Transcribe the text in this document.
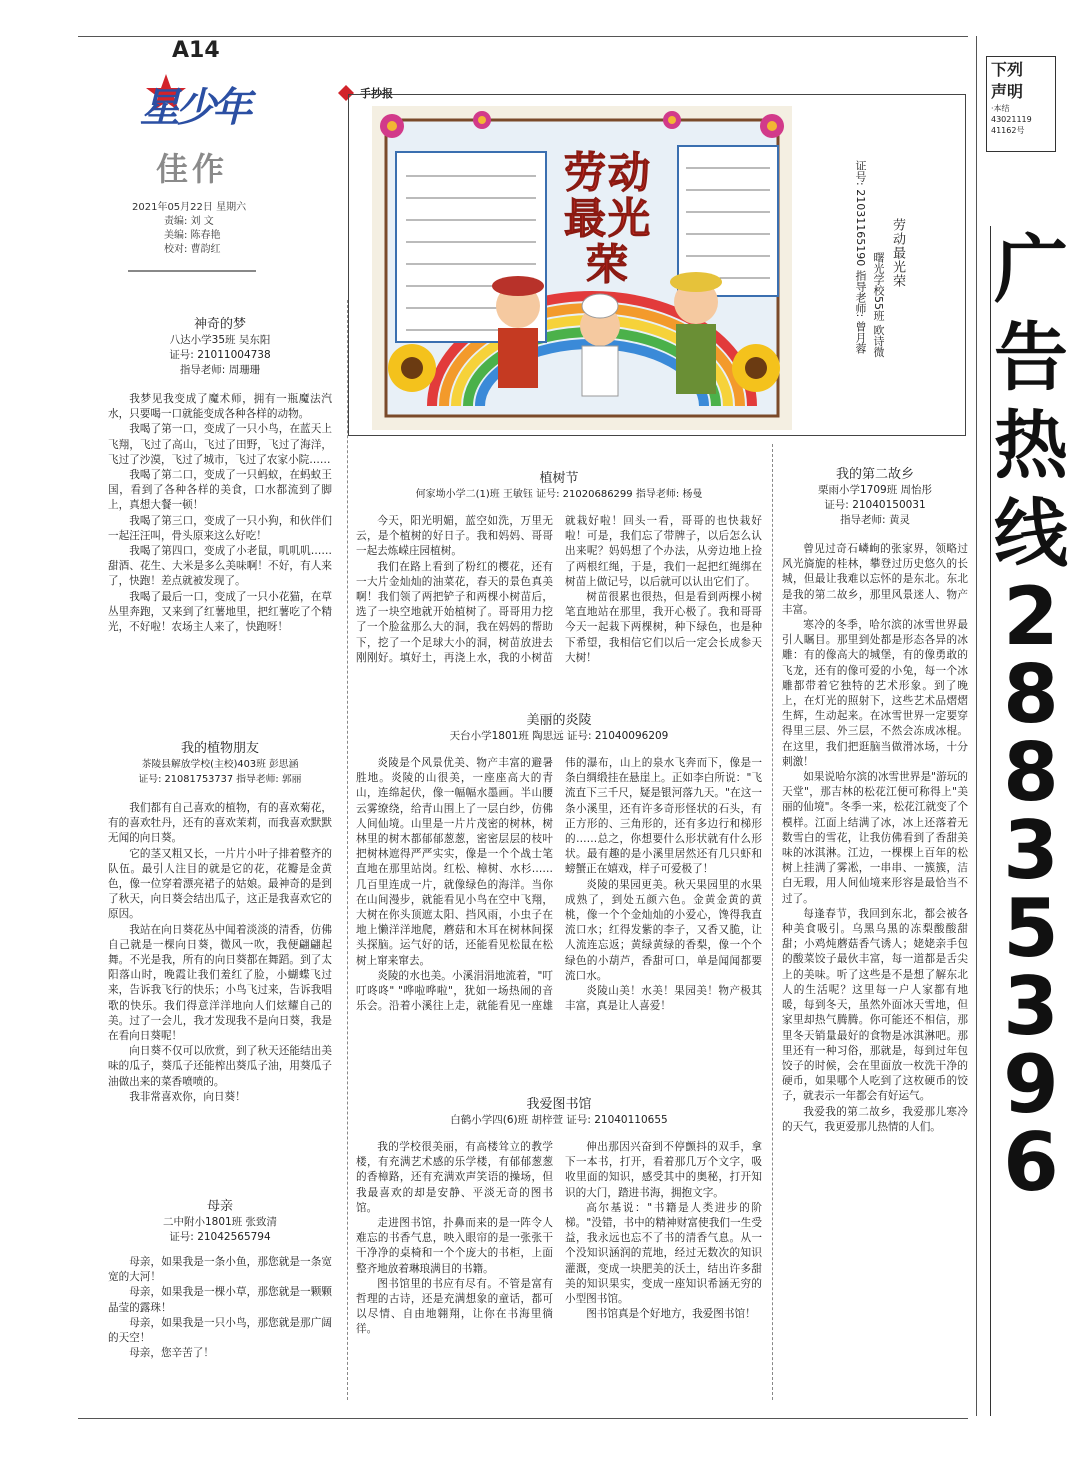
A14
星少年
佳作
2021年05月22日 星期六
责编: 刘 文
美编: 陈春艳
校对: 曹韵红
手抄报
劳动最光荣	劳动最光荣
曙光学校55班 欧诗微
证号: 21031165190 指导老师: 曾月蓉
神奇的梦
八达小学35班 吴东阳
证号: 21011004738
指导老师: 周珊珊

我梦见我变成了魔术师，拥有一瓶魔法汽水，只要喝一口就能变成各种各样的动物。

我喝了第一口，变成了一只小鸟，在蓝天上飞翔，飞过了高山，飞过了田野，飞过了海洋，飞过了沙漠，飞过了城市，飞过了农家小院……

我喝了第二口，变成了一只蚂蚁，在蚂蚁王国，看到了各种各样的美食，口水都流到了脚上，真想大餐一顿！

我喝了第三口，变成了一只小狗，和伙伴们一起汪汪叫，骨头原来这么好吃！

我喝了第四口，变成了小老鼠，叽叽叽……甜酒、花生、大米是多么美味啊！不好，有人来了，快跑！差点就被发现了。

我喝了最后一口，变成了一只小花猫，在草丛里奔跑，又来到了红薯地里，把红薯吃了个精光，不好啦！农场主人来了，快跑呀！

我的植物朋友
茶陵县解放学校(主校)403班 彭思涵
证号: 21081753737 指导老师: 郭丽

我们都有自己喜欢的植物，有的喜欢菊花，有的喜欢牡丹，还有的喜欢茉莉，而我喜欢默默无闻的向日葵。

它的茎又粗又长，一片片小叶子排着整齐的队伍。最引人注目的就是它的花，花瓣是金黄色，像一位穿着漂亮裙子的姑娘。最神奇的是到了秋天，向日葵会结出瓜子，这正是我喜欢它的原因。

我站在向日葵花丛中闻着淡淡的清香，仿佛自己就是一棵向日葵，微风一吹，我便翩翩起舞。不光是我，所有的向日葵都在舞蹈。到了太阳落山时，晚霞让我们羞红了脸，小蝴蝶飞过来，告诉我飞行的快乐；小鸟飞过来，告诉我唱歌的快乐。我们得意洋洋地向人们炫耀自己的美。过了一会儿，我才发现我不是向日葵，我是在看向日葵呢！

向日葵不仅可以欣赏，到了秋天还能结出美味的瓜子，葵瓜子还能榨出葵瓜子油，用葵瓜子油做出来的菜香喷喷的。

我非常喜欢你，向日葵！

母亲
二中附小1801班 张致清
证号: 21042565794

母亲，如果我是一条小鱼，那您就是一条宽宽的大河！

母亲，如果我是一棵小草，那您就是一颗颗晶莹的露珠！

母亲，如果我是一只小鸟，那您就是那广阔的天空！

母亲，您辛苦了！

植树节
何家坳小学二(1)班 王敏钰 证号: 21020686299 指导老师: 杨曼

今天，阳光明媚，蓝空如洗，万里无云，是个植树的好日子。我和妈妈、哥哥一起去炼嵘庄园植树。

我们在路上看到了粉红的樱花，还有一大片金灿灿的油菜花，春天的景色真美啊！我们领了两把铲子和两棵小树苗后，选了一块空地就开始植树了。哥哥用力挖了一个脸盆那么大的洞，我在妈妈的帮助下，挖了一个足球大小的洞，树苗放进去刚刚好。填好土，再浇上水，我的小树苗就栽好啦！回头一看，哥哥的也快栽好啦！可是，我们忘了带牌子，以后怎么认出来呢？妈妈想了个办法，从旁边地上捡了两根红绳，于是，我们一起把红绳绑在树苗上做记号，以后就可以认出它们了。

树苗很累也很热，但是看到两棵小树笔直地站在那里，我开心极了。我和哥哥今天一起栽下两棵树，种下绿色，也是种下希望，我相信它们以后一定会长成参天大树！

美丽的炎陵
天台小学1801班 陶思远 证号: 21040096209

炎陵是个风景优美、物产丰富的避暑胜地。炎陵的山很美，一座座高大的青山，连绵起伏，像一幅幅水墨画。半山腰云雾缭绕，给青山围上了一层白纱，仿佛人间仙境。山里是一片片茂密的树林，树林里的树木都郁郁葱葱，密密层层的枝叶把树林遮得严严实实，像是一个个战士笔直地在那里站岗。红松、樟树、水杉……几百里连成一片，就像绿色的海洋。当你在山间漫步，就能看见小鸟在空中飞翔，大树在你头顶遮太阳、挡风雨，小虫子在地上懒洋洋地爬，蘑菇和木耳在树林间探头探脑。运气好的话，还能看见松鼠在松树上窜来窜去。

炎陵的水也美。小溪涓涓地流着，"叮叮咚咚" "哗啦哗啦"，犹如一场热闹的音乐会。沿着小溪往上走，就能看见一座雄伟的瀑布，山上的泉水飞奔而下，像是一条白绸缎挂在悬崖上。正如李白所说："飞流直下三千尺，疑是银河落九天。"在这一条小溪里，还有许多奇形怪状的石头，有正方形的、三角形的，还有多边行和梯形的……总之，你想要什么形状就有什么形状。最有趣的是小溪里居然还有几只虾和螃蟹正在嬉戏，样子可爱极了！

炎陵的果园更美。秋天果园里的水果成熟了，到处五颜六色。金黄金黄的黄桃，像一个个金灿灿的小爱心，馋得我直流口水；红得发紫的李子，又香又脆，让人流连忘返；黄绿黄绿的香梨，像一个个绿色的小葫芦，香甜可口，单是闻闻都要流口水。

炎陵山美！水美！果园美！物产极其丰富，真是让人喜爱！

我爱图书馆
白鹤小学四(6)班 胡梓萱 证号: 21040110655

我的学校很美丽，有高楼耸立的教学楼，有充满艺术感的乐学楼，有郁郁葱葱的香樟路，还有充满欢声笑语的操场，但我最喜欢的却是安静、平淡无奇的图书馆。

走进图书馆，扑鼻而来的是一阵令人难忘的书香气息，映入眼帘的是一张张干干净净的桌椅和一个个庞大的书柜，上面整齐地放着琳琅满目的书籍。

图书馆里的书应有尽有。不管是富有哲理的古诗，还是充满想象的童话，都可以尽情、自由地翱翔，让你在书海里徜徉。

伸出那因兴奋到不停颤抖的双手，拿下一本书，打开，看着那几万个文字，吸收里面的知识，感受其中的奥秘，打开知识的大门，踏进书海，拥抱文字。

高尔基说："书籍是人类进步的阶梯。"没错，书中的精神财富使我们一生受益，我永远也忘不了书的清香气息。从一个没知识涵润的荒地，经过无数次的知识灌溉，变成一块肥美的沃土，结出许多甜美的知识果实，变成一座知识希涵无穷的小型图书馆。

图书馆真是个好地方，我爱图书馆！

我的第二故乡
栗雨小学1709班 周怡彤
证号: 21040150031
指导老师: 黄灵

曾见过奇石嶙峋的张家界，领略过风光旖旎的桂林，攀登过历史悠久的长城，但最让我难以忘怀的是东北。东北是我的第二故乡，那里风景迷人、物产丰富。

寒冷的冬季，哈尔滨的冰雪世界最引人瞩目。那里到处都是形态各异的冰雕：有的像高大的城堡，有的像勇敢的飞龙，还有的像可爱的小兔，每一个冰雕都带着它独特的艺术形象。到了晚上，在灯光的照射下，这些艺术品熠熠生辉，生动起来。在冰雪世界一定要穿得里三层、外三层，不然会冻成冰棍。在这里，我们把逛脑当做滑冰场，十分刺激！

如果说哈尔滨的冰雪世界是"游玩的天堂"，那吉林的松花江便可称得上"美丽的仙境"。冬季一来，松花江就变了个模样。江面上结满了冰，冰上还落着无数雪白的雪花，让我仿佛看到了香甜美味的冰淇淋。江边，一棵棵上百年的松树上挂满了雾凇，一串串、一簇簇，洁白无瑕，用人间仙境来形容是最恰当不过了。

每逢春节，我回到东北，都会被各种美食吸引。乌黑乌黑的冻梨酸酸甜甜；小鸡炖蘑菇香气诱人；姥姥亲手包的酸菜饺子最伙丰富，每一道都是舌尖上的美味。听了这些是不是想了解东北人的生活呢？这里每一户人家都有地暖，每到冬天，虽然外面冰天雪地，但家里却热气腾腾。你可能还不相信，那里冬天销量最好的食物是冰淇淋吧。那里还有一种习俗，那就是，每到过年包饺子的时候，会在里面放一枚洗干净的硬币，如果哪个人吃到了这枚硬币的饺子，就表示一年都会有好运气。

我爱我的第二故乡，我爱那儿寒冷的天气，我更爱那儿热情的人们。

下列
声明
·本结
43021119
41162号
广
告
热
线
2
8
8
3
5
3
9
6
